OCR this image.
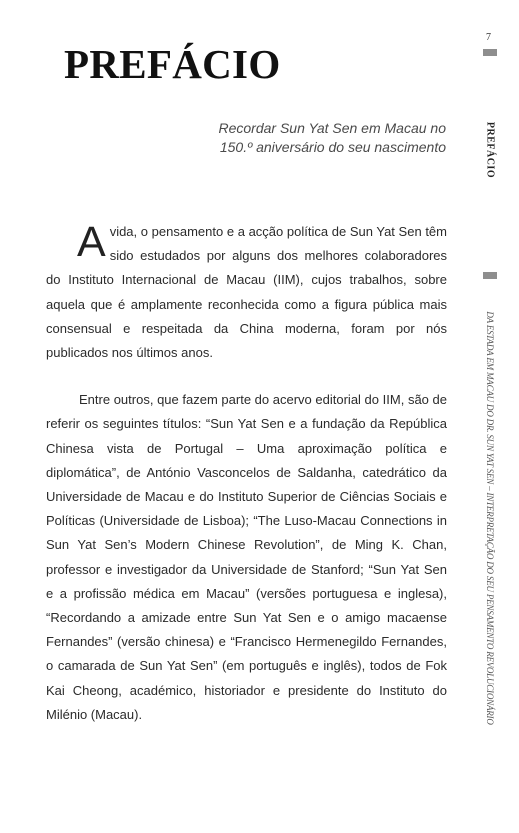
PREFÁCIO
Recordar Sun Yat Sen em Macau no
150.º aniversário do seu nascimento

A vida, o pensamento e a acção política de Sun Yat Sen têm sido estudados por alguns dos melhores colaboradores do Instituto Internacional de Macau (IIM), cujos trabalhos, sobre aquela que é amplamente reconhecida como a figura pública mais consensual e respeitada da China moderna, foram por nós publicados nos últimos anos.

Entre outros, que fazem parte do acervo editorial do IIM, são de referir os seguintes títulos: “Sun Yat Sen e a fundação da República Chinesa vista de Portugal – Uma aproximação política e diplomática”, de António Vasconcelos de Saldanha, catedrático da Universidade de Macau e do Instituto Superior de Ciências Sociais e Políticas (Universidade de Lisboa); “The Luso-Macau Connections in Sun Yat Sen’s Modern Chinese Revolution”, de Ming K. Chan, professor e investigador da Universidade de Stanford; “Sun Yat Sen e a profissão médica em Macau” (versões portuguesa e inglesa), “Recordando a amizade entre Sun Yat Sen e o amigo macaense Fernandes” (versão chinesa) e “Francisco Hermenegildo Fernandes, o camarada de Sun Yat Sen” (em português e inglês), todos de Fok Kai Cheong, académico, historiador e presidente do Instituto do Milénio (Macau).

7
PREFÁCIO
DA ESTADA EM MACAU DO DR. SUN YAT SEN – INTERPRETAÇÃO DO SEU PENSAMENTO REVOLUCIONÁRIO
